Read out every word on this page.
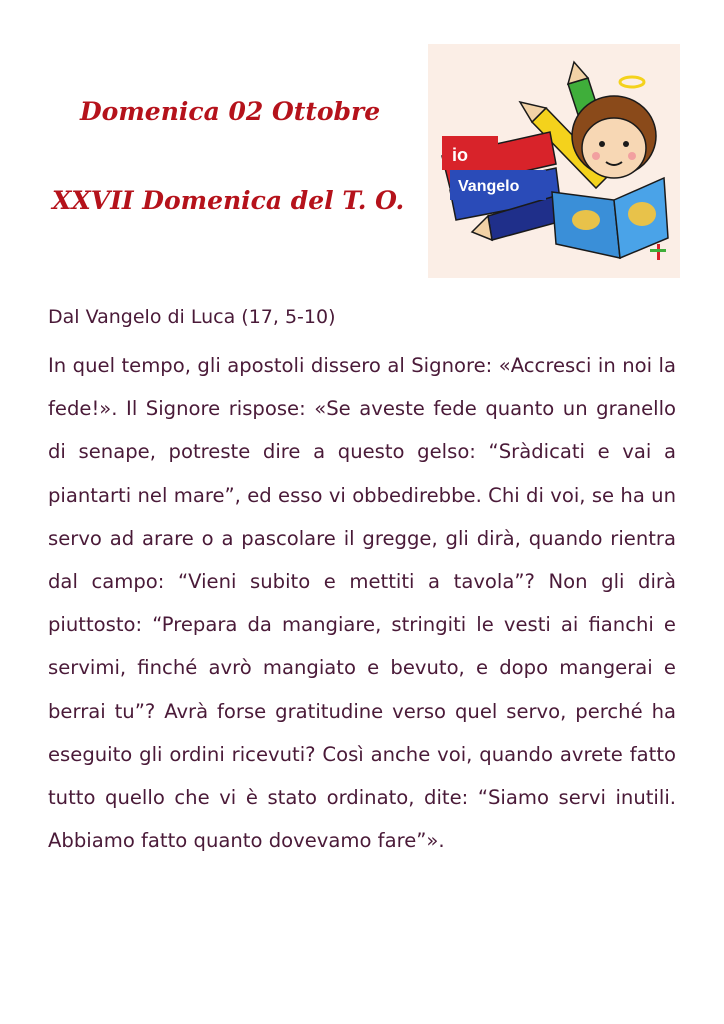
Domenica 02 Ottobre
XXVII Domenica del T. O.
io
Vangelo
Dal Vangelo di Luca (17, 5-10)

In quel tempo, gli apostoli dissero al Signore: «Accresci in noi la fede!». Il Signore rispose: «Se aveste fede quanto un granello di senape, potreste dire a questo gelso: “Sràdicati e vai a piantarti nel mare”, ed esso vi obbedirebbe. Chi di voi, se ha un servo ad arare o a pascolare il gregge, gli dirà, quando rientra dal campo: “Vieni subito e mettiti a tavola”? Non gli dirà piuttosto: “Prepara da mangiare, stringiti le vesti ai fianchi e servimi, finché avrò mangiato e bevuto, e dopo mangerai e berrai tu”? Avrà forse gratitudine verso quel servo, perché ha eseguito gli ordini ricevuti? Così anche voi, quando avrete fatto tutto quello che vi è stato ordinato, dite: “Siamo servi inutili. Abbiamo fatto quanto dovevamo fare”».
